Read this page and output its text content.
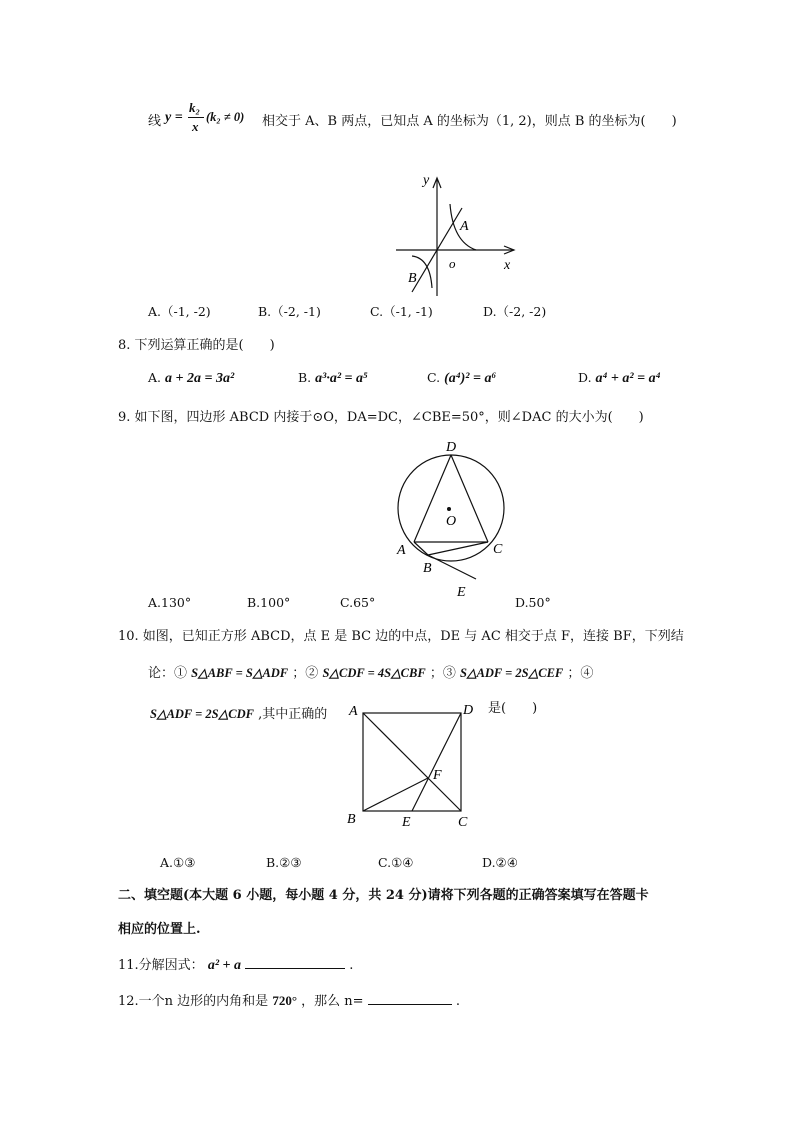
线 y =
k₂
x
(k₂ ≠ 0) 相交于 A、B 两点，已知点 A 的坐标为（1, 2)，则点 B 的坐标为(　　)
y
x
o
A
B
A.（-1, -2)	B.（-2, -1)	C.（-1, -1)	D.（-2, -2)
8. 下列运算正确的是(　　)
A. a + 2a = 3a²	B. a³·a² = a⁵	C. (a⁴)² = a⁶	D. a⁴ + a² = a⁴
9. 如下图，四边形 ABCD 内接于⊙O，DA=DC，∠CBE=50°，则∠DAC 的大小为(　　)
D
O
A	C
B
E
A.130°	B.100°	C.65°	D.50°
10. 如图，已知正方形 ABCD，点 E 是 BC 边的中点，DE 与 AC 相交于点 F，连接 BF，下列结
论：① S△ABF = S△ADF ；② S△CDF = 4S△CBF ；③ S△ADF = 2S△CEF ；④
S△ADF = 2S△CDF ,其中正确的	是(　　)
A	D
F
B	E	C
A.①③	B.②③	C.①④	D.②④
二、填空题(本大题 6 小题，每小题 4 分，共 24 分)请将下列各题的正确答案填写在答题卡
相应的位置上.
11.分解因式： a² + a	.
12.一个n 边形的内角和是 720° ，那么 n=	.
